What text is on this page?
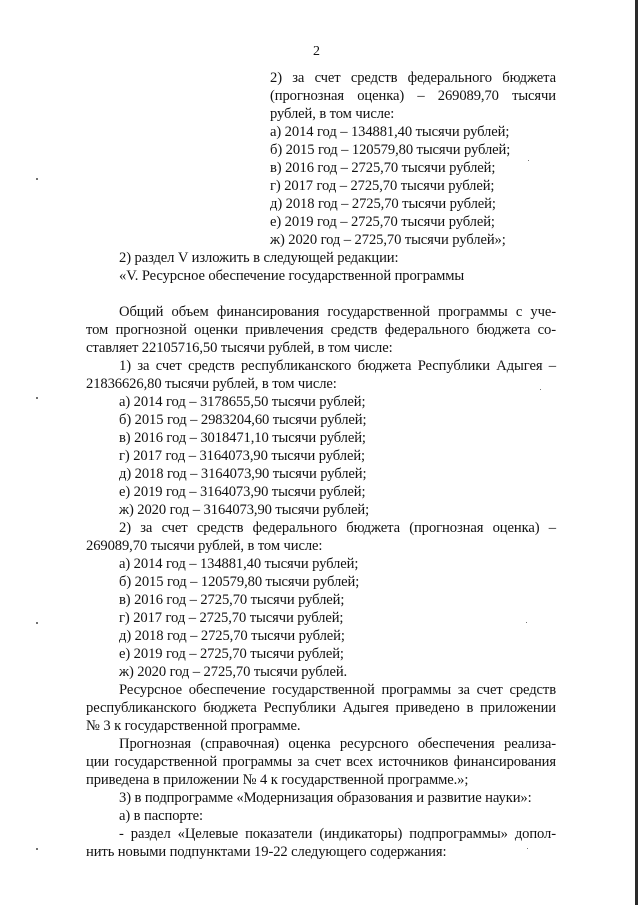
2
2) за счет средств федерального бюджета
(прогнозная оценка) – 269089,70 тысячи
рублей, в том числе:
а) 2014 год – 134881,40 тысячи рублей;
б) 2015 год – 120579,80 тысячи рублей;
в) 2016 год – 2725,70 тысячи рублей;
г) 2017 год – 2725,70 тысячи рублей;
д) 2018 год – 2725,70 тысячи рублей;
е) 2019 год – 2725,70 тысячи рублей;
ж) 2020 год – 2725,70 тысячи рублей»;
2) раздел V изложить в следующей редакции:
«V. Ресурсное обеспечение государственной программы
Общий объем финансирования государственной программы с уче-
том прогнозной оценки привлечения средств федерального бюджета со-
ставляет 22105716,50 тысячи рублей, в том числе:
1) за счет средств республиканского бюджета Республики Адыгея –
21836626,80 тысячи рублей, в том числе:
а) 2014 год – 3178655,50 тысячи рублей;
б) 2015 год – 2983204,60 тысячи рублей;
в) 2016 год – 3018471,10 тысячи рублей;
г) 2017 год – 3164073,90 тысячи рублей;
д) 2018 год – 3164073,90 тысячи рублей;
е) 2019 год – 3164073,90 тысячи рублей;
ж) 2020 год – 3164073,90 тысячи рублей;
2) за счет средств федерального бюджета (прогнозная оценка) –
269089,70 тысячи рублей, в том числе:
а) 2014 год – 134881,40 тысячи рублей;
б) 2015 год – 120579,80 тысячи рублей;
в) 2016 год – 2725,70 тысячи рублей;
г) 2017 год – 2725,70 тысячи рублей;
д) 2018 год – 2725,70 тысячи рублей;
е) 2019 год – 2725,70 тысячи рублей;
ж) 2020 год – 2725,70 тысячи рублей.
Ресурсное обеспечение государственной программы за счет средств
республиканского бюджета Республики Адыгея приведено в приложении
№ 3 к государственной программе.
Прогнозная (справочная) оценка ресурсного обеспечения реализа-
ции государственной программы за счет всех источников финансирования
приведена в приложении № 4 к государственной программе.»;
3) в подпрограмме «Модернизация образования и развитие науки»:
а) в паспорте:
- раздел «Целевые показатели (индикаторы) подпрограммы» допол-
нить новыми подпунктами 19-22 следующего содержания:
